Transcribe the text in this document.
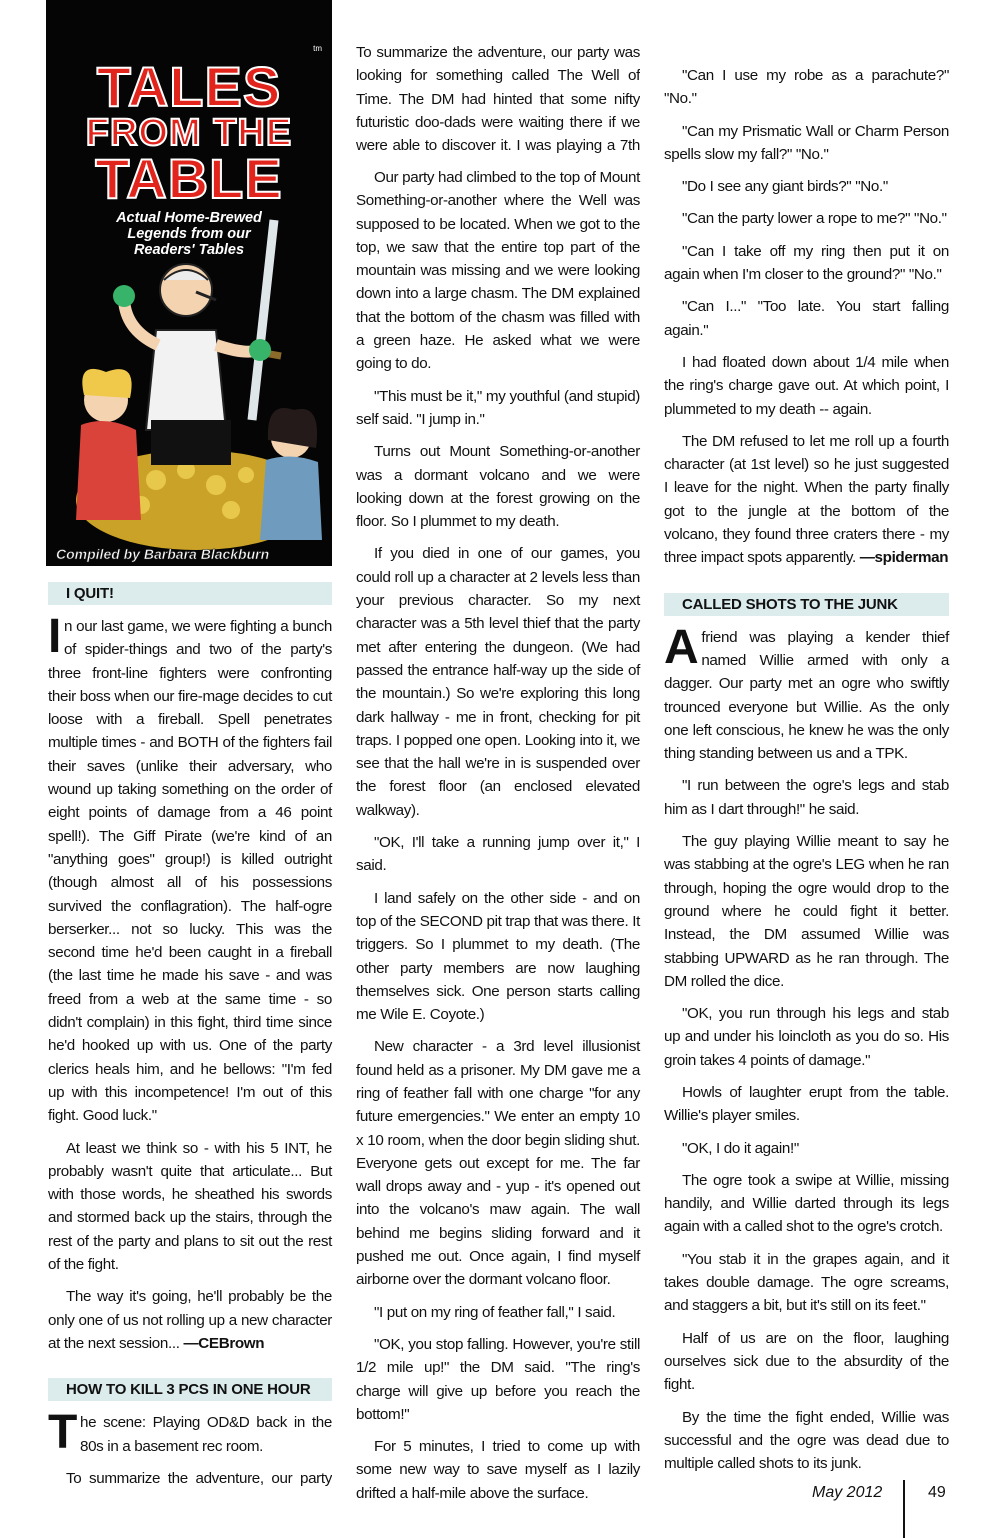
tm
TALES
FROM THE
TABLE
Actual Home-Brewed
Legends from our
Readers' Tables
Compiled by Barbara Blackburn
I QUIT!

In our last game, we were fighting a bunch of spider-things and two of the party's three front-line fighters were confronting their boss when our fire-mage decides to cut loose with a fireball. Spell penetrates multiple times - and BOTH of the fighters fail their saves (unlike their adversary, who wound up taking something on the order of eight points of damage from a 46 point spell!). The Giff Pirate (we're kind of an "anything goes" group!) is killed outright (though almost all of his possessions survived the conflagration). The half-ogre berserker... not so lucky. This was the second time he'd been caught in a fireball (the last time he made his save - and was freed from a web at the same time - so didn't complain) in this fight, third time since he'd hooked up with us. One of the party clerics heals him, and he bellows: "I'm fed up with this incompetence! I'm out of this fight. Good luck."

At least we think so - with his 5 INT, he probably wasn't quite that articulate... But with those words, he sheathed his swords and stormed back up the stairs, through the rest of the party and plans to sit out the rest of the fight.

The way it's going, he'll probably be the only one of us not rolling up a new character at the next session... —CEBrown

HOW TO KILL 3 PCS IN ONE HOUR

The scene: Playing OD&D back in the 80s in a basement rec room.

To summarize the adventure, our party

To summarize the adventure, our party was looking for something called The Well of Time. The DM had hinted that some nifty futuristic doo-dads were waiting there if we were able to discover it. I was playing a 7th

Our party had climbed to the top of Mount Something-or-another where the Well was supposed to be located. When we got to the top, we saw that the entire top part of the mountain was missing and we were looking down into a large chasm. The DM explained that the bottom of the chasm was filled with a green haze. He asked what we were going to do.

"This must be it," my youthful (and stupid) self said. "I jump in."

Turns out Mount Something-or-another was a dormant volcano and we were looking down at the forest growing on the floor. So I plummet to my death.

If you died in one of our games, you could roll up a character at 2 levels less than your previous character. So my next character was a 5th level thief that the party met after entering the dungeon. (We had passed the entrance half-way up the side of the mountain.) So we're exploring this long dark hallway - me in front, checking for pit traps. I popped one open. Looking into it, we see that the hall we're in is suspended over the forest floor (an enclosed elevated walkway).

"OK, I'll take a running jump over it," I said.

I land safely on the other side - and on top of the SECOND pit trap that was there. It triggers. So I plummet to my death. (The other party members are now laughing themselves sick. One person starts calling me Wile E. Coyote.)

New character - a 3rd level illusionist found held as a prisoner. My DM gave me a ring of feather fall with one charge "for any future emergencies." We enter an empty 10 x 10 room, when the door begin sliding shut. Everyone gets out except for me. The far wall drops away and - yup - it's opened out into the volcano's maw again. The wall behind me begins sliding forward and it pushed me out. Once again, I find myself airborne over the dormant volcano floor.

"I put on my ring of feather fall," I said.

"OK, you stop falling. However, you're still 1/2 mile up!" the DM said. "The ring's charge will give up before you reach the bottom!"

For 5 minutes, I tried to come up with some new way to save myself as I lazily drifted a half-mile above the surface.

"Can I use my robe as a parachute?" "No."

"Can my Prismatic Wall or Charm Person spells slow my fall?" "No."

"Do I see any giant birds?" "No."

"Can the party lower a rope to me?" "No."

"Can I take off my ring then put it on again when I'm closer to the ground?" "No."

"Can I..." "Too late. You start falling again."

I had floated down about 1/4 mile when the ring's charge gave out. At which point, I plummeted to my death -- again.

The DM refused to let me roll up a fourth character (at 1st level) so he just suggested I leave for the night. When the party finally got to the jungle at the bottom of the volcano, they found three craters there - my three impact spots apparently. —spiderman

CALLED SHOTS TO THE JUNK

Afriend was playing a kender thief named Willie armed with only a dagger. Our party met an ogre who swiftly trounced everyone but Willie. As the only one left conscious, he knew he was the only thing standing between us and a TPK.

"I run between the ogre's legs and stab him as I dart through!" he said.

The guy playing Willie meant to say he was stabbing at the ogre's LEG when he ran through, hoping the ogre would drop to the ground where he could fight it better. Instead, the DM assumed Willie was stabbing UPWARD as he ran through. The DM rolled the dice.

"OK, you run through his legs and stab up and under his loincloth as you do so. His groin takes 4 points of damage."

Howls of laughter erupt from the table. Willie's player smiles.

"OK, I do it again!"

The ogre took a swipe at Willie, missing handily, and Willie darted through its legs again with a called shot to the ogre's crotch.

"You stab it in the grapes again, and it takes double damage. The ogre screams, and staggers a bit, but it's still on its feet."

Half of us are on the floor, laughing ourselves sick due to the absurdity of the fight.

By the time the fight ended, Willie was successful and the ogre was dead due to multiple called shots to its junk.

May 2012	49
